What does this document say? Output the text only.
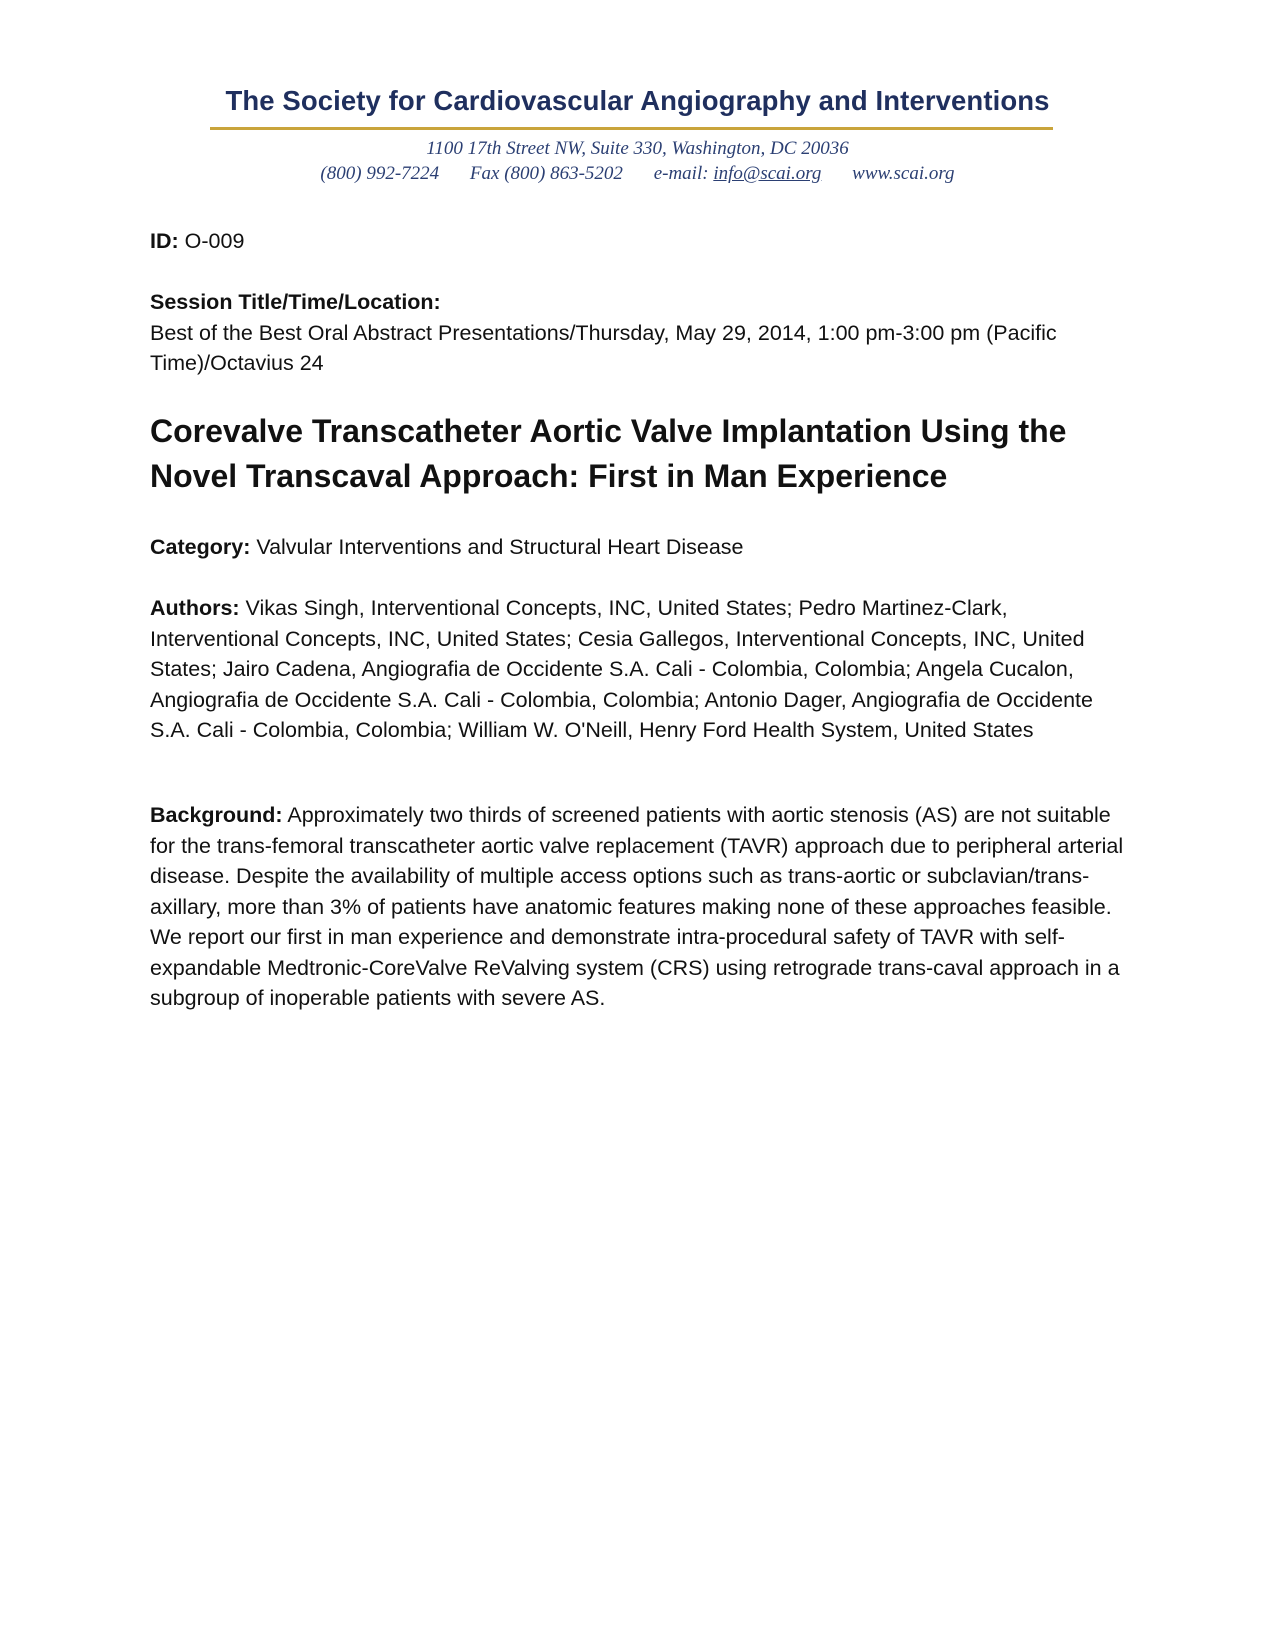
The Society for Cardiovascular Angiography and Interventions
1100 17th Street NW, Suite 330, Washington, DC 20036
(800) 992-7224 Fax (800) 863-5202 e-mail: info@scai.org www.scai.org
ID: O-009
Session Title/Time/Location:
Best of the Best Oral Abstract Presentations/Thursday, May 29, 2014, 1:00 pm-3:00 pm (Pacific Time)/Octavius 24
Corevalve Transcatheter Aortic Valve Implantation Using the Novel Transcaval Approach: First in Man Experience
Category: Valvular Interventions and Structural Heart Disease
Authors: Vikas Singh, Interventional Concepts, INC, United States; Pedro Martinez-Clark, Interventional Concepts, INC, United States; Cesia Gallegos, Interventional Concepts, INC, United States; Jairo Cadena, Angiografia de Occidente S.A. Cali - Colombia, Colombia; Angela Cucalon, Angiografia de Occidente S.A. Cali - Colombia, Colombia; Antonio Dager, Angiografia de Occidente S.A. Cali - Colombia, Colombia; William W. O'Neill, Henry Ford Health System, United States
Background: Approximately two thirds of screened patients with aortic stenosis (AS) are not suitable for the trans-femoral transcatheter aortic valve replacement (TAVR) approach due to peripheral arterial disease. Despite the availability of multiple access options such as trans-aortic or subclavian/trans-axillary, more than 3% of patients have anatomic features making none of these approaches feasible. We report our first in man experience and demonstrate intra-procedural safety of TAVR with self-expandable Medtronic-CoreValve ReValving system (CRS) using retrograde trans-caval approach in a subgroup of inoperable patients with severe AS.
